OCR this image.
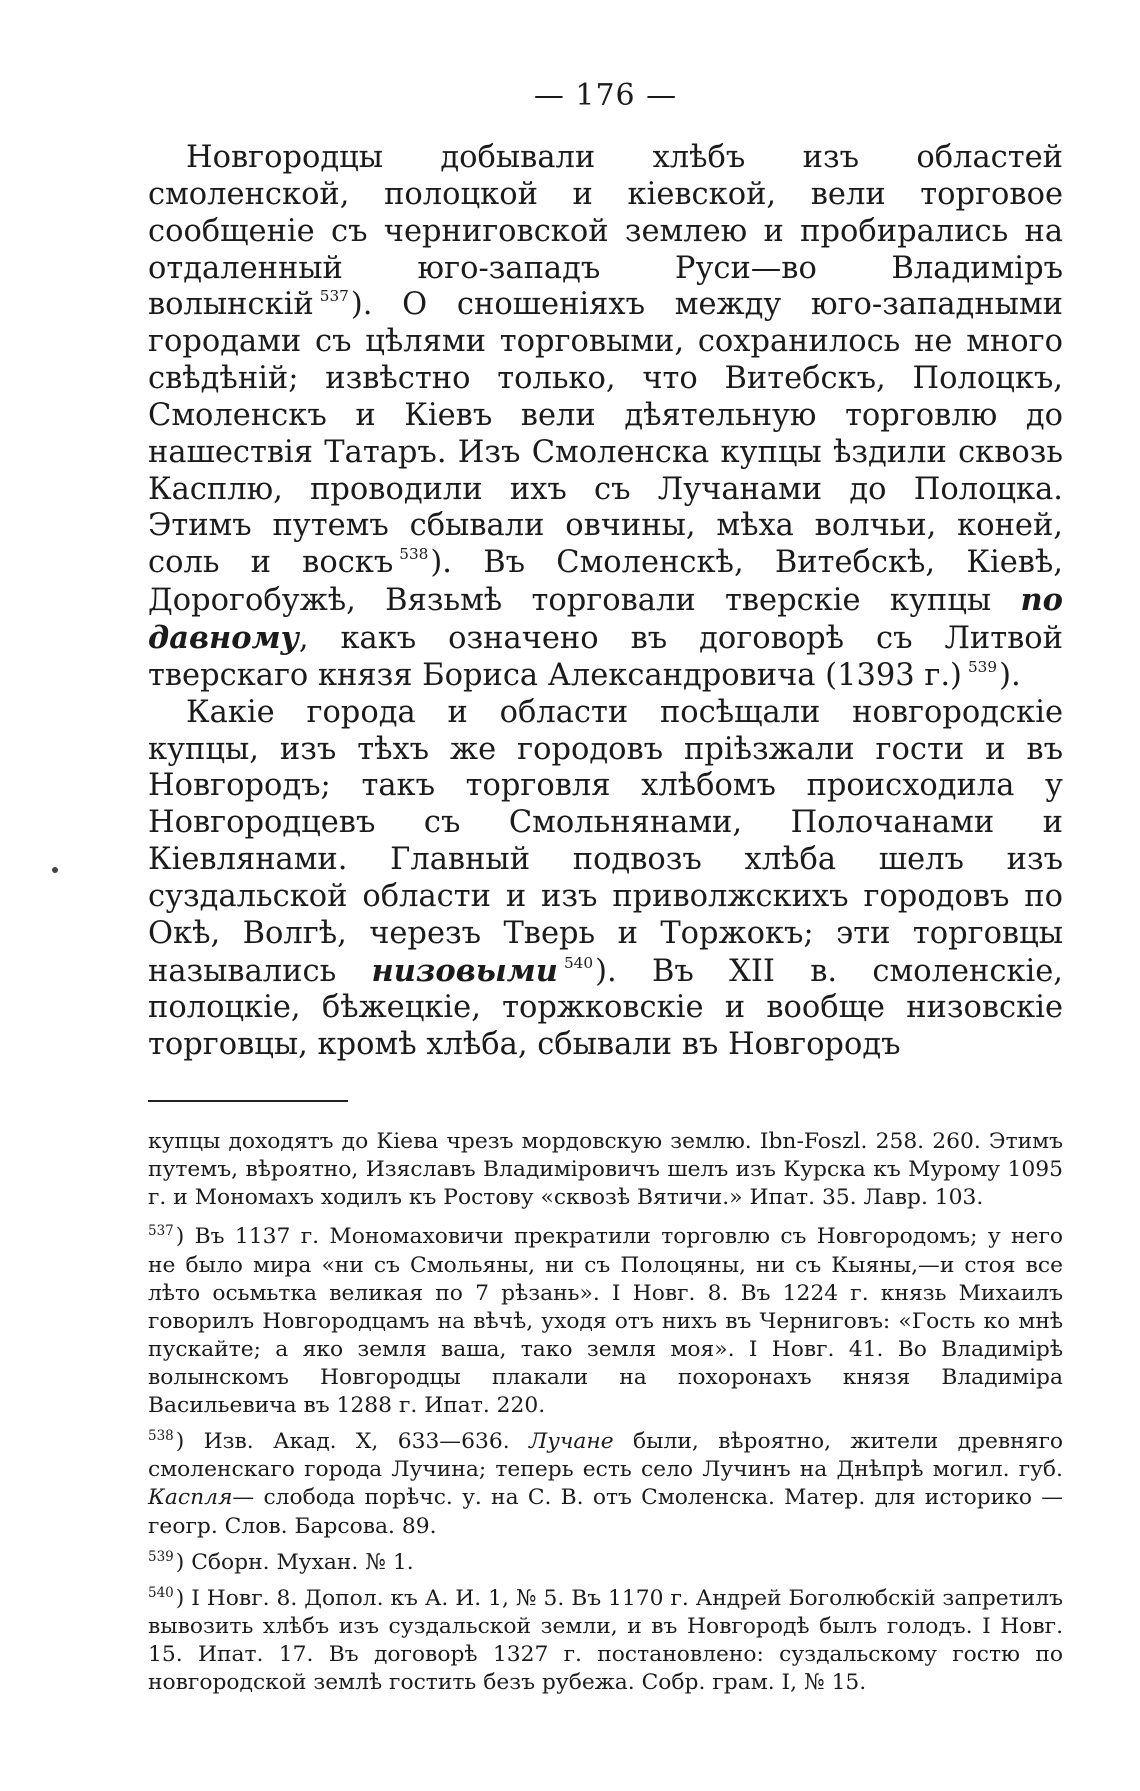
— 176 —

Новгородцы добывали хлѣбъ изъ областей смоленской, полоцкой и кіевской, вели торговое сообщеніе съ черниговской землею и пробирались на отдаленный юго-западъ Руси—во Владиміръ волынскій $^{537}$). О сношеніяхъ между юго-западными городами съ цѣлями торговыми, сохранилось не много свѣдѣній; извѣстно только, что Витебскъ, Полоцкъ, Смоленскъ и Кіевъ вели дѣятельную торговлю до нашествія Татаръ. Изъ Смоленска купцы ѣздили сквозь Касплю, проводили ихъ съ Лучанами до Полоцка. Этимъ путемъ сбывали овчины, мѣха волчьи, коней, соль и воскъ $^{538}$). Въ Смоленскѣ, Витебскѣ, Кіевѣ, Дорогобужѣ, Вязьмѣ торговали тверскіе купцы по давному, какъ означено въ договорѣ съ Литвой тверскаго князя Бориса Александровича (1393 г.) $^{539}$).

Какіе города и области посѣщали новгородскіе купцы, изъ тѣхъ же городовъ пріѣзжали гости и въ Новгородъ; такъ торговля хлѣбомъ происходила у Новгородцевъ съ Смольнянами, Полочанами и Кіевлянами. Главный подвозъ хлѣба шелъ изъ суздальской области и изъ приволжскихъ городовъ по Окѣ, Волгѣ, черезъ Тверь и Торжокъ; эти торговцы назывались низовыми $^{540}$). Въ XII в. смоленскіе, полоцкіе, бѣжецкіе, торжковскіе и вообще низовскіе торговцы, кромѣ хлѣба, сбывали въ Новгородъ

купцы доходятъ до Кіева чрезъ мордовскую землю. Ibn-Foszl. 258. 260. Этимъ путемъ, вѣроятно, Изяславъ Владиміровичъ шелъ изъ Курска къ Мурому 1095 г. и Мономахъ ходилъ къ Ростову «сквозѣ Вятичи.» Ипат. 35. Лавр. 103.

$^{537}$) Въ 1137 г. Мономаховичи прекратили торговлю съ Новгородомъ; у него не было мира «ни съ Смольяны, ни съ Полоцяны, ни съ Кыяны,—и стоя все лѣто осьмьтка великая по 7 рѣзань». I Новг. 8. Въ 1224 г. князь Михаилъ говорилъ Новгородцамъ на вѣчѣ, уходя отъ нихъ въ Черниговъ: «Гость ко мнѣ пускайте; а яко земля ваша, тако земля моя». I Новг. 41. Во Владимірѣ волынскомъ Новгородцы плакали на похоронахъ князя Владиміра Васильевича въ 1288 г. Ипат. 220.

$^{538}$) Изв. Акад. X, 633—636. Лучане были, вѣроятно, жители древняго смоленскаго города Лучина; теперь есть село Лучинъ на Днѣпрѣ могил. губ. Каспля— слобода порѣчс. у. на С. В. отъ Смоленска. Матер. для историко — геогр. Слов. Барсова. 89.

$^{539}$) Сборн. Мухан. № 1.

$^{540}$) I Новг. 8. Допол. къ А. И. 1, № 5. Въ 1170 г. Андрей Боголюбскій запретилъ вывозить хлѣбъ изъ суздальской земли, и въ Новгородѣ былъ голодъ. I Новг. 15. Ипат. 17. Въ договорѣ 1327 г. постановлено: суздальскому гостю по новгородской землѣ гостить безъ рубежа. Собр. грам. I, № 15.
